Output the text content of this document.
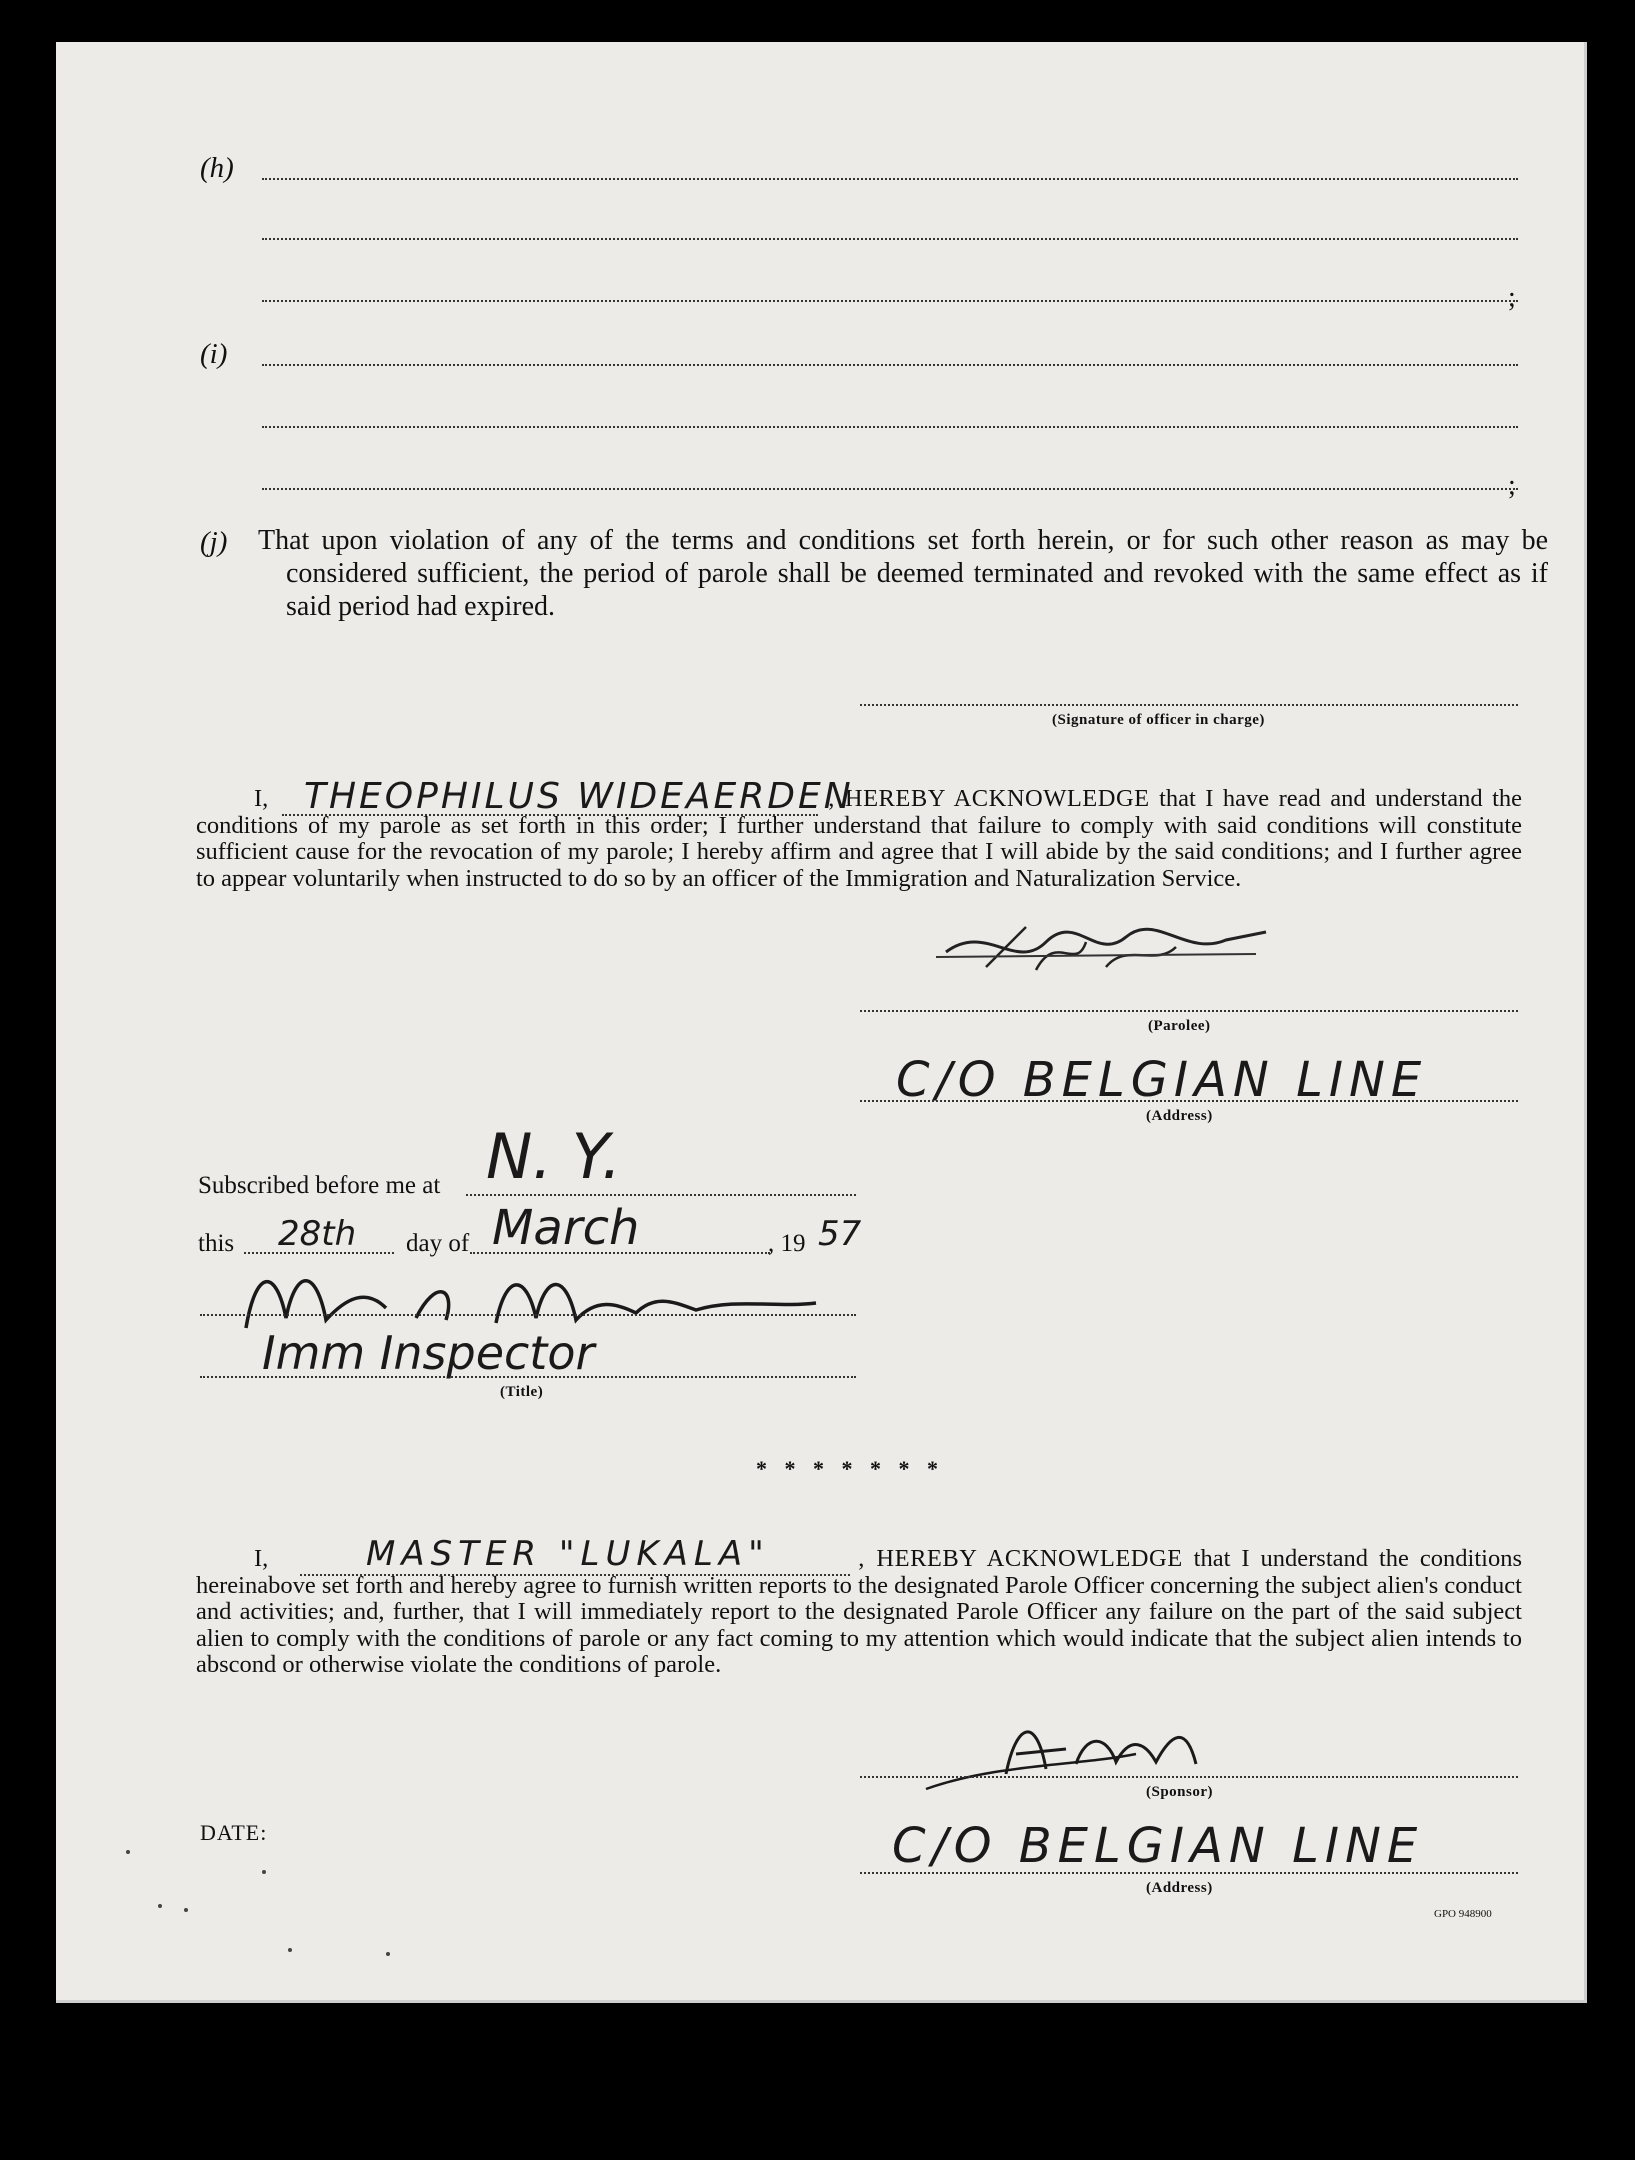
(h)
;
(i)
;
(j) That upon violation of any of the terms and conditions set forth herein, or for such other reason as may be considered sufficient, the period of parole shall be deemed terminated and revoked with the same effect as if said period had expired.
(Signature of officer in charge)
THEOPHILUS WIDEAERDEN
I,	, HEREBY ACKNOWLEDGE that I have read and understand the conditions of my parole as set forth in this order; I further understand that failure to comply with said conditions will constitute sufficient cause for the revocation of my parole; I hereby affirm and agree that I will abide by the said conditions; and I further agree to appear voluntarily when instructed to do so by an officer of the Immigration and Naturalization Service.
(Parolee)
C/O BELGIAN LINE
(Address)
Subscribed before me at N. Y.
this 28th day of March	, 19 57
Imm Inspector
(Title)
* * * * * * *
MASTER "LUKALA"
I,	, HEREBY ACKNOWLEDGE that I understand the conditions hereinabove set forth and hereby agree to furnish written reports to the designated Parole Officer concerning the subject alien's conduct and activities; and, further, that I will immediately report to the designated Parole Officer any failure on the part of the said subject alien to comply with the conditions of parole or any fact coming to my attention which would indicate that the subject alien intends to abscond or otherwise violate the conditions of parole.
(Sponsor)
DATE:	C/O BELGIAN LINE
(Address)
GPO 948900
